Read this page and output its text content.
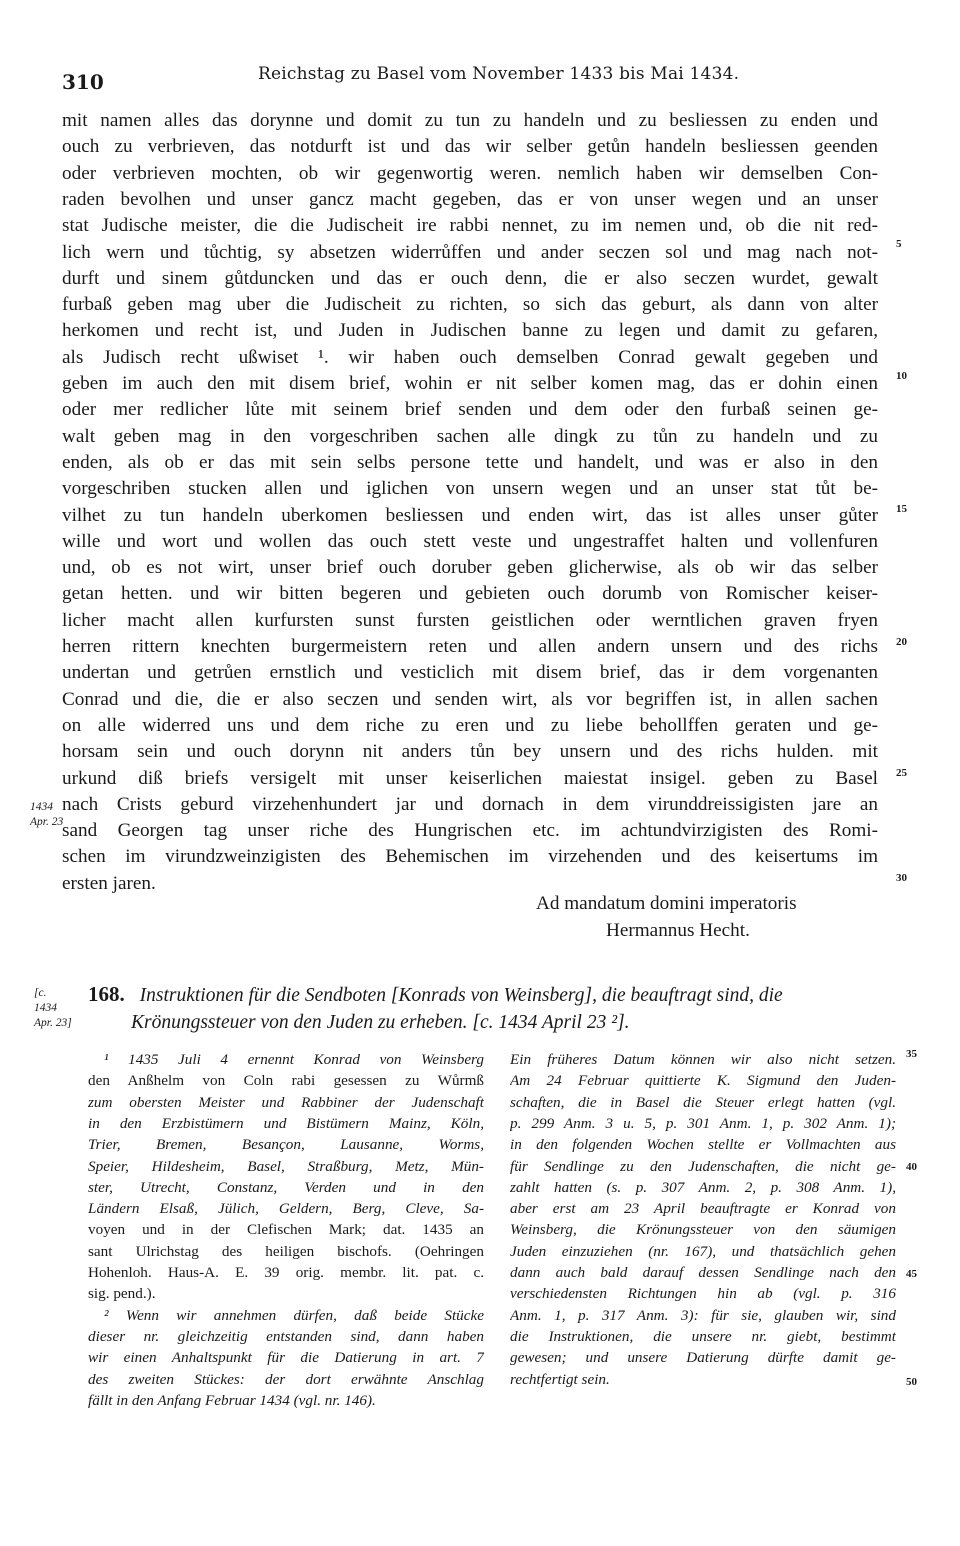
310	Reichstag zu Basel vom November 1433 bis Mai 1434.
mit namen alles das dorynne und domit zu tun zu handeln und zu besliessen zu enden und
ouch zu verbrieven, das notdurft ist und das wir selber getůn handeln besliessen geenden
oder verbrieven mochten, ob wir gegenwortig weren. nemlich haben wir demselben Con-
raden bevolhen und unser gancz macht gegeben, das er von unser wegen und an unser
stat Judische meister, die die Judischeit ire rabbi nennet, zu im nemen und, ob die nit red-
lich wern und tůchtig, sy absetzen widerrůffen und ander seczen sol und mag nach not-
durft und sinem gůtduncken und das er ouch denn, die er also seczen wurdet, gewalt
furbaß geben mag uber die Judischeit zu richten, so sich das geburt, als dann von alter
herkomen und recht ist, und Juden in Judischen banne zu legen und damit zu gefaren,
als Judisch recht ußwiset ¹. wir haben ouch demselben Conrad gewalt gegeben und
geben im auch den mit disem brief, wohin er nit selber komen mag, das er dohin einen
oder mer redlicher lůte mit seinem brief senden und dem oder den furbaß seinen ge-
walt geben mag in den vorgeschriben sachen alle dingk zu tůn zu handeln und zu
enden, als ob er das mit sein selbs persone tette und handelt, und was er also in den
vorgeschriben stucken allen und iglichen von unsern wegen und an unser stat tůt be-
vilhet zu tun handeln uberkomen besliessen und enden wirt, das ist alles unser gůter
wille und wort und wollen das ouch stett veste und ungestraffet halten und vollenfuren
und, ob es not wirt, unser brief ouch doruber geben glicherwise, als ob wir das selber
getan hetten. und wir bitten begeren und gebieten ouch dorumb von Romischer keiser-
licher macht allen kurfursten sunst fursten geistlichen oder werntlichen graven fryen
herren rittern knechten burgermeistern reten und allen andern unsern und des richs
undertan und getrůen ernstlich und vesticlich mit disem brief, das ir dem vorgenanten
Conrad und die, die er also seczen und senden wirt, als vor begriffen ist, in allen sachen
on alle widerred uns und dem riche zu eren und zu liebe behollffen geraten und ge-
horsam sein und ouch dorynn nit anders tůn bey unsern und des richs hulden. mit
urkund diß briefs versigelt mit unser keiserlichen maiestat insigel. geben zu Basel
nach Crists geburd virzehenhundert jar und dornach in dem virunddreissigisten jare an
sand Georgen tag unser riche des Hungrischen etc. im achtundvirzigisten des Romi-
schen im virundzweinzigisten des Behemischen im virzehenden und des keisertums im
ersten jaren.
1434
Apr. 23
Ad mandatum domini imperatoris
Hermannus Hecht.
[c.
1434
Apr. 23]
168. Instruktionen für die Sendboten [Konrads von Weinsberg], die beauftragt sind, die
Krönungssteuer von den Juden zu erheben. [c. 1434 April 23 ²].
¹ 1435 Juli 4 ernennt Konrad von Weinsberg
den Anßhelm von Coln rabi gesessen zu Wůrmß
zum obersten Meister und Rabbiner der Judenschaft
in den Erzbistümern und Bistümern Mainz, Köln,
Trier, Bremen, Besançon, Lausanne, Worms,
Speier, Hildesheim, Basel, Straßburg, Metz, Mün-
ster, Utrecht, Constanz, Verden und in den
Ländern Elsaß, Jülich, Geldern, Berg, Cleve, Sa-
voyen und in der Clefischen Mark; dat. 1435 an
sant Ulrichstag des heiligen bischofs. (Oehringen
Hohenloh. Haus-A. E. 39 orig. membr. lit. pat. c.
sig. pend.).
² Wenn wir annehmen dürfen, daß beide Stücke
dieser nr. gleichzeitig entstanden sind, dann haben
wir einen Anhaltspunkt für die Datierung in art. 7
des zweiten Stückes: der dort erwähnte Anschlag
fällt in den Anfang Februar 1434 (vgl. nr. 146).
Ein früheres Datum können wir also nicht setzen.
Am 24 Februar quittierte K. Sigmund den Juden-
schaften, die in Basel die Steuer erlegt hatten (vgl.
p. 299 Anm. 3 u. 5, p. 301 Anm. 1, p. 302 Anm. 1);
in den folgenden Wochen stellte er Vollmachten aus
für Sendlinge zu den Judenschaften, die nicht ge-
zahlt hatten (s. p. 307 Anm. 2, p. 308 Anm. 1),
aber erst am 23 April beauftragte er Konrad von
Weinsberg, die Krönungssteuer von den säumigen
Juden einzuziehen (nr. 167), und thatsächlich gehen
dann auch bald darauf dessen Sendlinge nach den
verschiedensten Richtungen hin ab (vgl. p. 316
Anm. 1, p. 317 Anm. 3): für sie, glauben wir, sind
die Instruktionen, die unsere nr. giebt, bestimmt
gewesen; und unsere Datierung dürfte damit ge-
rechtfertigt sein.
5
10
15
20
25
30
35
40
45
50
